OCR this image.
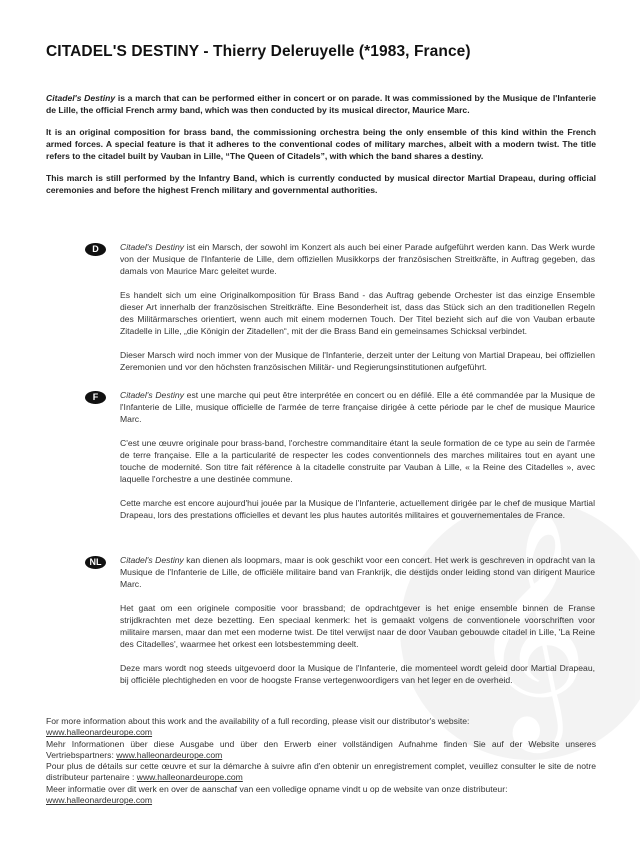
𝄞
CITADEL'S DESTINY - Thierry Deleruyelle (*1983, France)

Citadel's Destiny is a march that can be performed either in concert or on parade. It was commissioned by the Musique de l'Infanterie de Lille, the official French army band, which was then conducted by its musical director, Maurice Marc.

It is an original composition for brass band, the commissioning orchestra being the only ensemble of this kind within the French armed forces. A special feature is that it adheres to the conventional codes of military marches, albeit with a modern twist. The title refers to the citadel built by Vauban in Lille, “The Queen of Citadels”, with which the band shares a destiny.

This march is still performed by the Infantry Band, which is currently conducted by musical director Martial Drapeau, during official ceremonies and before the highest French military and governmental authorities.

D	Citadel's Destiny ist ein Marsch, der sowohl im Konzert als auch bei einer Parade aufgeführt werden kann. Das Werk wurde von der Musique de l'Infanterie de Lille, dem offiziellen Musikkorps der französischen Streitkräfte, in Auftrag gegeben, das damals von Maurice Marc geleitet wurde.

Es handelt sich um eine Originalkomposition für Brass Band - das Auftrag gebende Orchester ist das einzige Ensemble dieser Art innerhalb der französischen Streitkräfte. Eine Besonderheit ist, dass das Stück sich an den traditionellen Regeln des Militärmarsches orientiert, wenn auch mit einem modernen Touch. Der Titel bezieht sich auf die von Vauban erbaute Zitadelle in Lille, „die Königin der Zitadellen“, mit der die Brass Band ein gemeinsames Schicksal verbindet.

Dieser Marsch wird noch immer von der Musique de l'Infanterie, derzeit unter der Leitung von Martial Drapeau, bei offiziellen Zeremonien und vor den höchsten französischen Militär- und Regierungsinstitutionen aufgeführt.

F	Citadel's Destiny est une marche qui peut être interprétée en concert ou en défilé. Elle a été commandée par la Musique de l'Infanterie de Lille, musique officielle de l'armée de terre française dirigée à cette période par le chef de musique Maurice Marc.

C'est une œuvre originale pour brass-band, l'orchestre commanditaire étant la seule formation de ce type au sein de l'armée de terre française. Elle a la particularité de respecter les codes conventionnels des marches militaires tout en ayant une touche de modernité. Son titre fait référence à la citadelle construite par Vauban à Lille, « la Reine des Citadelles », avec laquelle l'orchestre a une destinée commune.

Cette marche est encore aujourd'hui jouée par la Musique de l'Infanterie, actuellement dirigée par le chef de musique Martial Drapeau, lors des prestations officielles et devant les plus hautes autorités militaires et gouvernementales de France.

NL	Citadel's Destiny kan dienen als loopmars, maar is ook geschikt voor een concert. Het werk is geschreven in opdracht van la Musique de l'Infanterie de Lille, de officiële militaire band van Frankrijk, die destijds onder leiding stond van dirigent Maurice Marc.

Het gaat om een originele compositie voor brassband; de opdrachtgever is het enige ensemble binnen de Franse strijdkrachten met deze bezetting. Een speciaal kenmerk: het is gemaakt volgens de conventionele voorschriften voor militaire marsen, maar dan met een moderne twist. De titel verwijst naar de door Vauban gebouwde citadel in Lille, 'La Reine des Citadelles', waarmee het orkest een lotsbestemming deelt.

Deze mars wordt nog steeds uitgevoerd door la Musique de l'Infanterie, die momenteel wordt geleid door Martial Drapeau, bij officiële plechtigheden en voor de hoogste Franse vertegenwoordigers van het leger en de overheid.

For more information about this work and the availability of a full recording, please visit our distributor's website:
www.halleonardeurope.com
Mehr Informationen über diese Ausgabe und über den Erwerb einer vollständigen Aufnahme finden Sie auf der Website unseres Vertriebspartners: www.halleonardeurope.com
Pour plus de détails sur cette œuvre et sur la démarche à suivre afin d'en obtenir un enregistrement complet, veuillez consulter le site de notre distributeur partenaire : www.halleonardeurope.com
Meer informatie over dit werk en over de aanschaf van een volledige opname vindt u op de website van onze distributeur:
www.halleonardeurope.com
